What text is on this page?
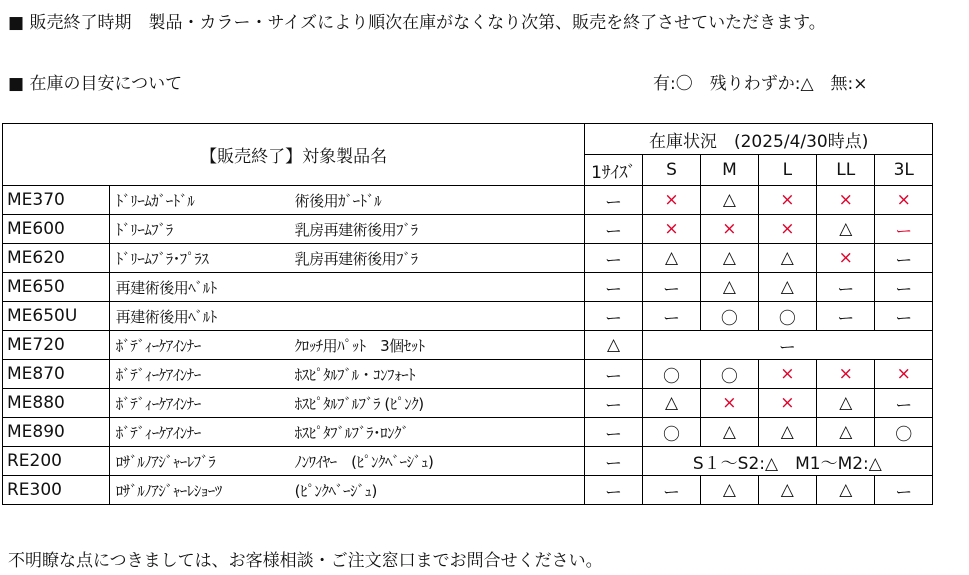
■ 販売終了時期　製品・カラー・サイズにより順次在庫がなくなり次第、販売を終了させていただきます。
■ 在庫の目安について	有:〇　残りわずか:△　無:×
【販売終了】対象製品名			在庫状況　(2025/4/30時点)					
			1ｻｲｽﾞ	S	M	L	LL	3L
ME370	ﾄﾞﾘｰﾑｶﾞｰﾄﾞﾙ	術後用ｶﾞｰﾄﾞﾙ	ー	×	△	×	×	×
ME600	ﾄﾞﾘｰﾑﾌﾞﾗ	乳房再建術後用ﾌﾞﾗ	ー	×	×	×	△	ー
ME620	ﾄﾞﾘｰﾑﾌﾞﾗ･ﾌﾟﾗｽ	乳房再建術後用ﾌﾞﾗ	ー	△	△	△	×	ー
ME650	再建術後用ﾍﾞﾙﾄ		ー	ー	△	△	ー	ー
ME650U	再建術後用ﾍﾞﾙﾄ		ー	ー	〇	〇	ー	ー
ME720	ﾎﾞﾃﾞｨｰｹｱｲﾝﾅｰ	ｸﾛｯﾁ用ﾊﾟｯﾄ　3個ｾｯﾄ	△	ー				
ME870	ﾎﾞﾃﾞｨｰｹｱｲﾝﾅｰ	ﾎｽﾋﾟﾀﾙﾌﾞﾙ・ｺﾝﾌｫｰﾄ	ー	〇	〇	×	×	×
ME880	ﾎﾞﾃﾞｨｰｹｱｲﾝﾅｰ	ﾎｽﾋﾟﾀﾙﾌﾞﾙﾌﾞﾗ (ﾋﾟﾝｸ)	ー	△	×	×	△	ー
ME890	ﾎﾞﾃﾞｨｰｹｱｲﾝﾅｰ	ﾎｽﾋﾟﾀﾌﾞﾙﾌﾞﾗ･ﾛﾝｸﾞ	ー	〇	△	△	△	〇
RE200	ﾛｻﾞﾙﾉｱｼﾞｬｰﾚﾌﾞﾗ	ﾉﾝﾜｲﾔｰ　(ﾋﾟﾝｸﾍﾞｰｼﾞｭ)	ー	S１～S2:△　M1～M2:△				
RE300	ﾛｻﾞﾙﾉｱｼﾞｬｰﾚｼｮｰﾂ	(ﾋﾟﾝｸﾍﾞｰｼﾞｭ)	ー	ー	△	△	△	ー
不明瞭な点につきましては、お客様相談・ご注文窓口までお問合せください。
